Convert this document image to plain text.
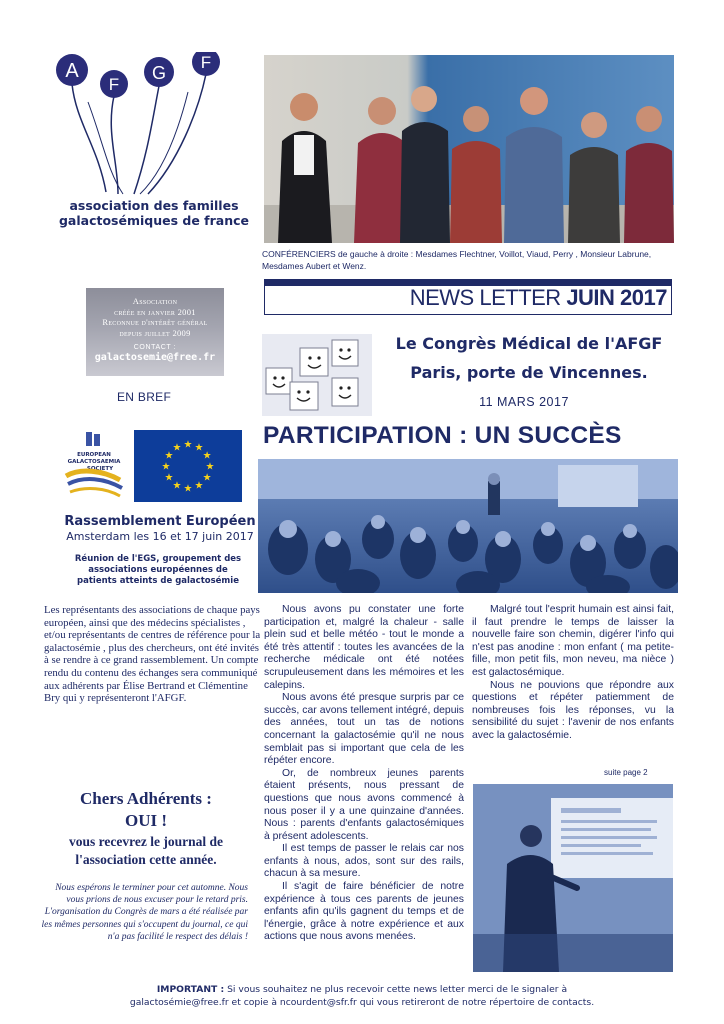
A
F
G
F
association des familles
galactosémiques de france
Association
créée en janvier 2001
Reconnue d'intérêt général
depuis juillet 2009
CONTACT :
galactosemie@free.fr
EN BREF
EUROPEAN
GALACTOSAEMIA
SOCIETY
★ ★
★
★
★
★
★
★
★
★
★
★
Rassemblement Européen
Amsterdam les 16 et 17 juin 2017
Réunion de l'EGS, groupement des associations européennes de patients atteints de galactosémie
Les représentants des associations de chaque pays européen, ainsi que des médecins spécialistes , et/ou représentants de centres de référence pour la galactosémie , plus des chercheurs, ont été invités à se rendre à ce grand rassemblement. Un compte rendu du contenu des échanges sera communiqué aux adhérents par Élise Bertrand et Clémentine Bry qui y représenteront l'AFGF.
Chers Adhérents :
OUI !
vous recevrez le journal de l'association cette année.
Nous espérons le terminer pour cet automne. Nous vous prions de nous excuser pour le retard pris. L'organisation du Congrès de mars a été réalisée par les mêmes personnes qui s'occupent du journal, ce qui n'a pas facilité le respect des délais !
CONFÉRENCIERS de gauche à droite : Mesdames Flechtner, Voillot, Viaud, Perry , Monsieur Labrune, Mesdames Aubert et Wenz.
NEWS LETTER JUIN 2017
Le Congrès Médical de l'AFGF
Paris, porte de Vincennes.
11 MARS 2017
PARTICIPATION : UN SUCCÈS

Nous avons pu constater une forte participation et, malgré la chaleur - salle plein sud et belle météo - tout le monde a été très attentif : toutes les avancées de la recherche médicale ont été notées scrupuleusement dans les mémoires et les calepins.

Nous avons été presque surpris par ce succès, car avons tellement intégré, depuis des années, tout un tas de notions concernant la galactosémie qu'il ne nous semblait pas si important que cela de les répéter encore.

Or, de nombreux jeunes parents étaient présents, nous pressant de questions que nous avons commencé à nous poser il y a une quinzaine d'années. Nous : parents d'enfants galactosémiques à présent adolescents.

Il est temps de passer le relais car nos enfants à nous, ados, sont sur des rails, chacun à sa mesure.

Il s'agit de faire bénéficier de notre expérience à tous ces parents de jeunes enfants afin qu'ils gagnent du temps et de l'énergie, grâce à notre expérience et aux actions que nous avons menées.

Malgré tout l'esprit humain est ainsi fait, il faut prendre le temps de laisser la nouvelle faire son chemin, digérer l'info qui n'est pas anodine : mon enfant ( ma petite-fille, mon petit fils, mon neveu, ma nièce ) est galactosémique.

Nous ne pouvions que répondre aux questions et répéter patiemment de nombreuses fois les réponses, vu la sensibilité du sujet : l'avenir de nos enfants avec la galactosémie.

suite page 2
IMPORTANT : Si vous souhaitez ne plus recevoir cette news letter merci de le signaler à
galactosémie@free.fr et copie à ncourdent@sfr.fr qui vous retireront de notre répertoire de contacts.
